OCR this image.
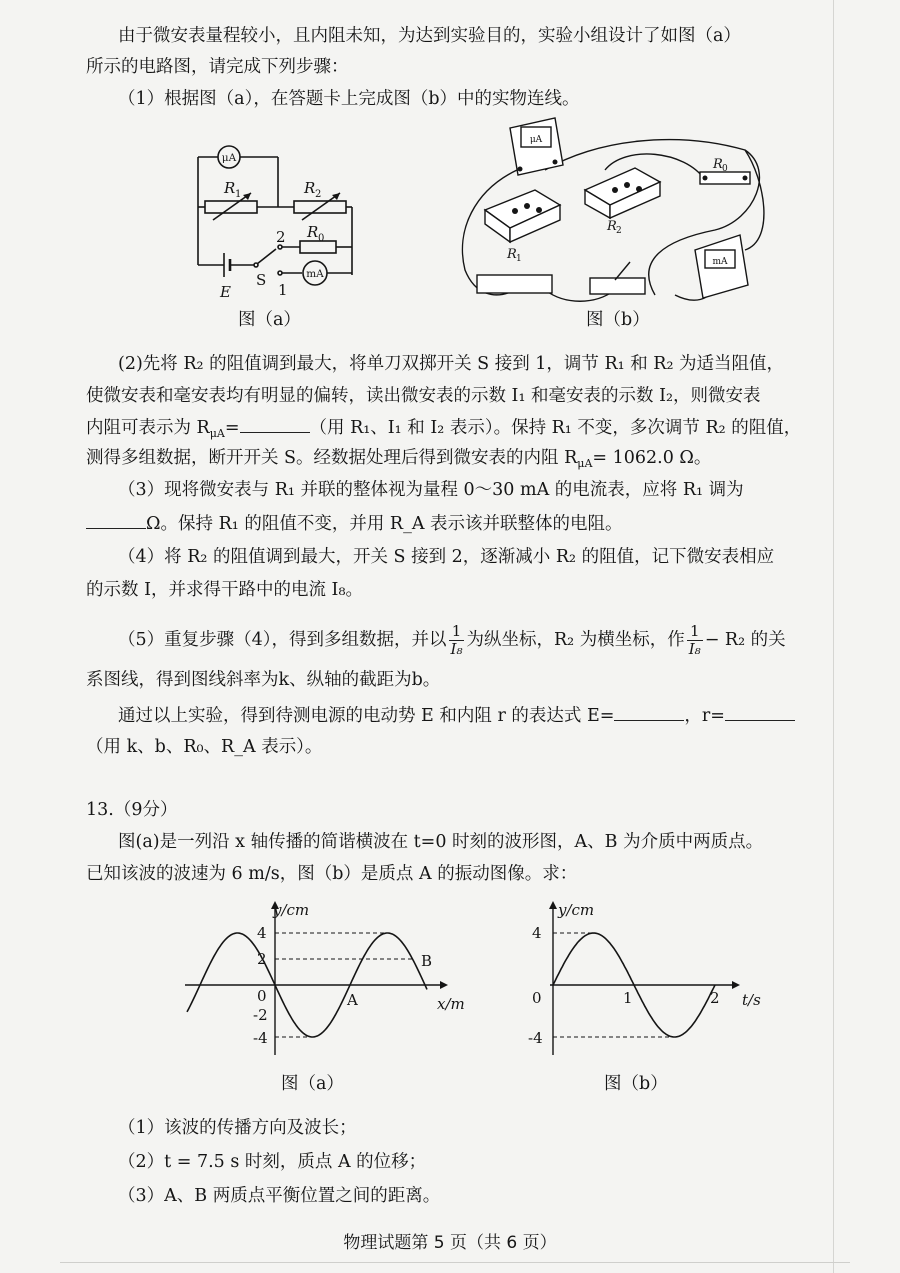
由于微安表量程较小，且内阻未知，为达到实验目的，实验小组设计了如图（a）
所示的电路图，请完成下列步骤：
（1）根据图（a），在答题卡上完成图（b）中的实物连线。
μA
mA
R 1	R 2
R 0
2
1
S
E
图（a）
μA
mA
R 0
R 1
R 2
图（b）
(2)先将 R₂ 的阻值调到最大，将单刀双掷开关 S 接到 1，调节 R₁ 和 R₂ 为适当阻值，
使微安表和毫安表均有明显的偏转，读出微安表的示数 I₁ 和毫安表的示数 I₂，则微安表
内阻可表示为 $R_{\mu A}=$	（用 R₁、I₁ 和 I₂ 表示）。保持 R₁ 不变，多次调节 R₂ 的阻值，
测得多组数据，断开开关 S。经数据处理后得到微安表的内阻 $R_{\mu A}= 1062.0$ Ω。
（3）现将微安表与 R₁ 并联的整体视为量程 0～30 mA 的电流表，应将 R₁ 调为
Ω。保持 R₁ 的阻值不变，并用 R_A 表示该并联整体的电阻。
（4）将 R₂ 的阻值调到最大，开关 S 接到 2，逐渐减小 R₂ 的阻值，记下微安表相应
的示数 I，并求得干路中的电流 I₈。
（5）重复步骤（4），得到多组数据，并以 $\frac{1}{\text{I₈}}$ 为纵坐标，R₂ 为横坐标，作 $\frac{1}{\text{I₈}} - R_2$ 的关
系图线，得到图线斜率为k、纵轴的截距为b。
通过以上实验，得到待测电源的电动势 E 和内阻 r 的表达式 E=	，r=
（用 k、b、R₀、R_A 表示）。
13.（9分）
图(a)是一列沿 x 轴传播的简谐横波在 t=0 时刻的波形图，A、B 为介质中两质点。
已知该波的波速为 6 m/s，图（b）是质点 A 的振动图像。求：
y/cm
x/m
4
2
0
-2
-4
A
B
图（a）
y/cm
t/s
4
0
-4
1	2
图（b）
（1）该波的传播方向及波长；
（2）t = 7.5 s 时刻，质点 A 的位移；
（3）A、B 两质点平衡位置之间的距离。
物理试题第 5 页（共 6 页）
